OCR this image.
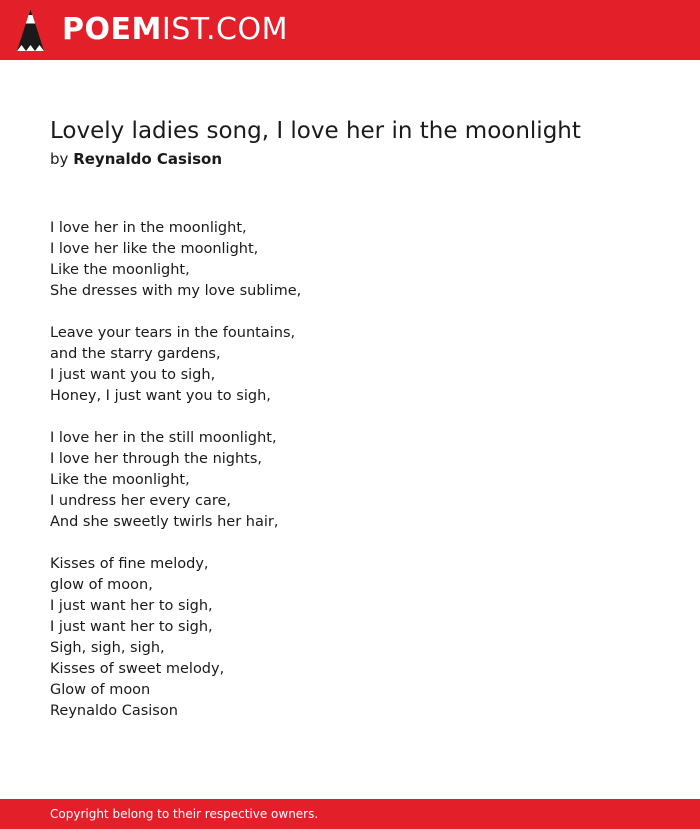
POEMIST.COM
Lovely ladies song, I love her in the moonlight
by Reynaldo Casison

I love her in the moonlight,
I love her like the moonlight,
Like the moonlight,
She dresses with my love sublime,

Leave your tears in the fountains,
and the starry gardens,
I just want you to sigh,
Honey, I just want you to sigh,

I love her in the still moonlight,
I love her through the nights,
Like the moonlight,
I undress her every care,
And she sweetly twirls her hair,

Kisses of fine melody,
glow of moon,
I just want her to sigh,
I just want her to sigh,
Sigh, sigh, sigh,
Kisses of sweet melody,
Glow of moon
Reynaldo Casison

Copyright belong to their respective owners.
